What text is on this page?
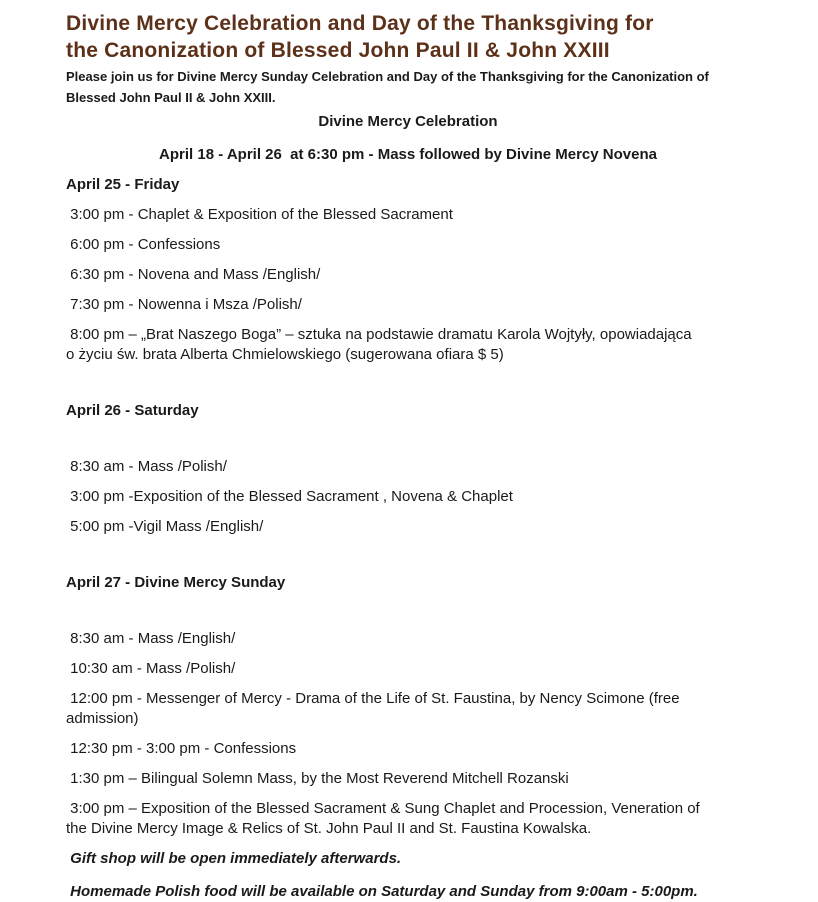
Divine Mercy Celebration and Day of the Thanksgiving for
the Canonization of Blessed John Paul II & John XXIII
Please join us for Divine Mercy Sunday Celebration and Day of the Thanksgiving for the Canonization of
Blessed John Paul II & John XXIII.
Divine Mercy Celebration
April 18 - April 26  at 6:30 pm - Mass followed by Divine Mercy Novena
April 25 - Friday
3:00 pm - Chaplet & Exposition of the Blessed Sacrament
6:00 pm - Confessions
6:30 pm - Novena and Mass /English/
7:30 pm - Nowenna i Msza /Polish/
8:00 pm – „Brat Naszego Boga” – sztuka na podstawie dramatu Karola Wojtyły, opowiadająca
o życiu św. brata Alberta Chmielowskiego (sugerowana ofiara $ 5)
April 26 - Saturday
8:30 am - Mass /Polish/
3:00 pm -Exposition of the Blessed Sacrament , Novena & Chaplet
5:00 pm -Vigil Mass /English/
April 27 - Divine Mercy Sunday
8:30 am - Mass /English/
10:30 am - Mass /Polish/
12:00 pm - Messenger of Mercy - Drama of the Life of St. Faustina, by Nency Scimone (free
admission)
12:30 pm - 3:00 pm - Confessions
1:30 pm – Bilingual Solemn Mass, by the Most Reverend Mitchell Rozanski
3:00 pm – Exposition of the Blessed Sacrament & Sung Chaplet and Procession, Veneration of
the Divine Mercy Image & Relics of St. John Paul II and St. Faustina Kowalska.
Gift shop will be open immediately afterwards.
Homemade Polish food will be available on Saturday and Sunday from 9:00am - 5:00pm.
